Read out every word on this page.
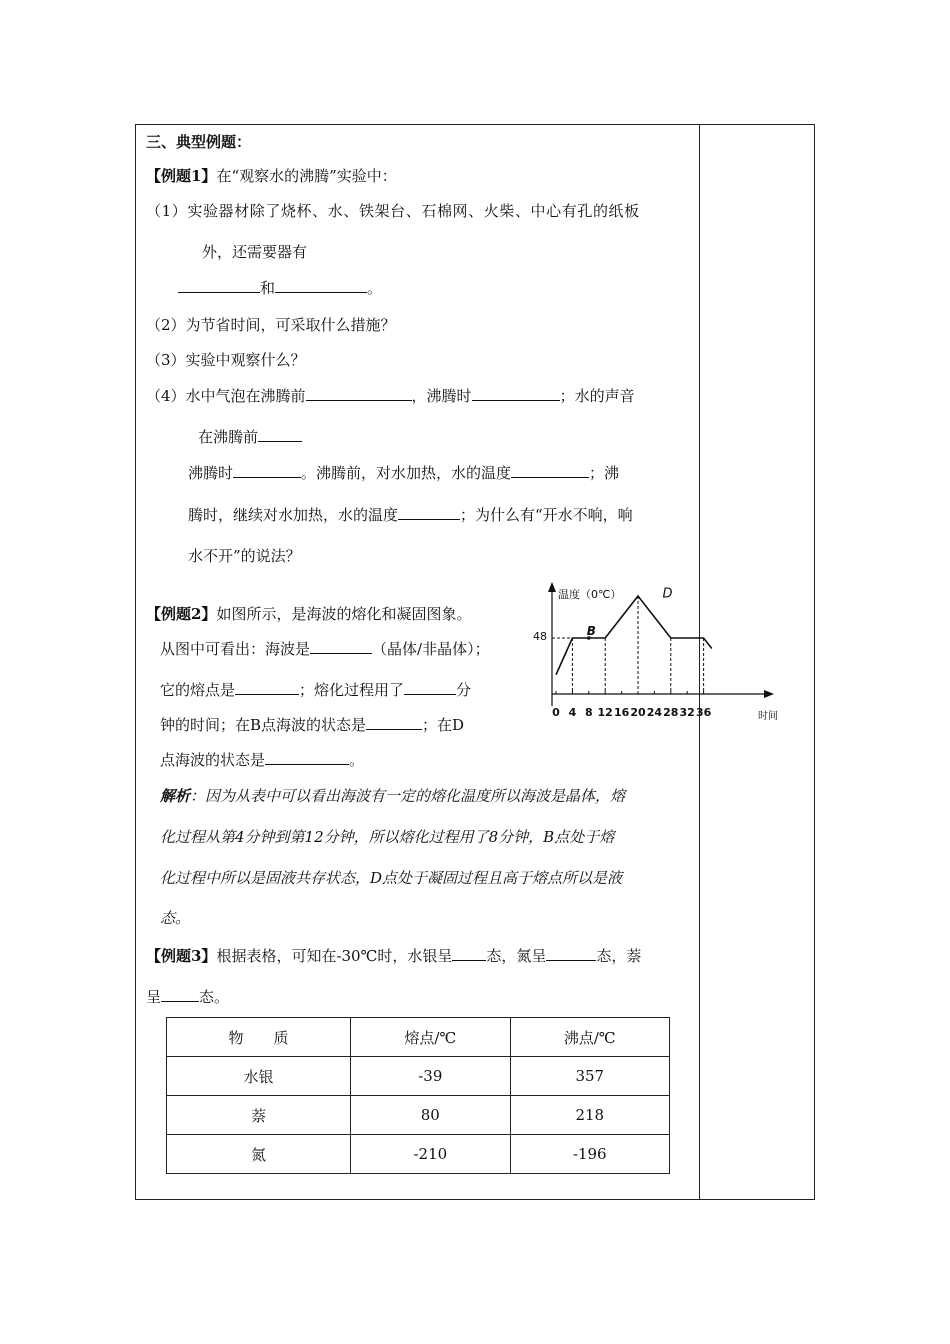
三、典型例题：
【例题1】在“观察水的沸腾”实验中：
（1）实验器材除了烧杯、水、铁架台、石棉网、火柴、中心有孔的纸板
外，还需要器有
和	。
（2）为节省时间，可采取什么措施？
（3）实验中观察什么？
（4）水中气泡在沸腾前	，沸腾时	；水的声音
在沸腾前
沸腾时	。沸腾前，对水加热，水的温度	；沸
腾时，继续对水加热，水的温度	；为什么有“开水不响，响
水不开”的说法？
【例题2】如图所示，是海波的熔化和凝固图象。
从图中可看出：海波是	（晶体/非晶体）；
它的熔点是	；熔化过程用了	分
钟的时间；在B点海波的状态是	；在D
点海波的状态是	。
解析：因为从表中可以看出海波有一定的熔化温度所以海波是晶体，熔
化过程从第4分钟到第12分钟，所以熔化过程用了8分钟，B点处于熔
化过程中所以是固液共存状态，D点处于凝固过程且高于熔点所以是液
态。
温度（0℃）
48
时间
0 4 8 12 16 20 24 28 32 36
B
D
【例题3】根据表格，可知在-30℃时，水银呈 态，氮呈	态，萘
呈	态。
物　　质	熔点/℃	沸点/℃
水银	-39	357
萘	80	218
氮	-210	-196
